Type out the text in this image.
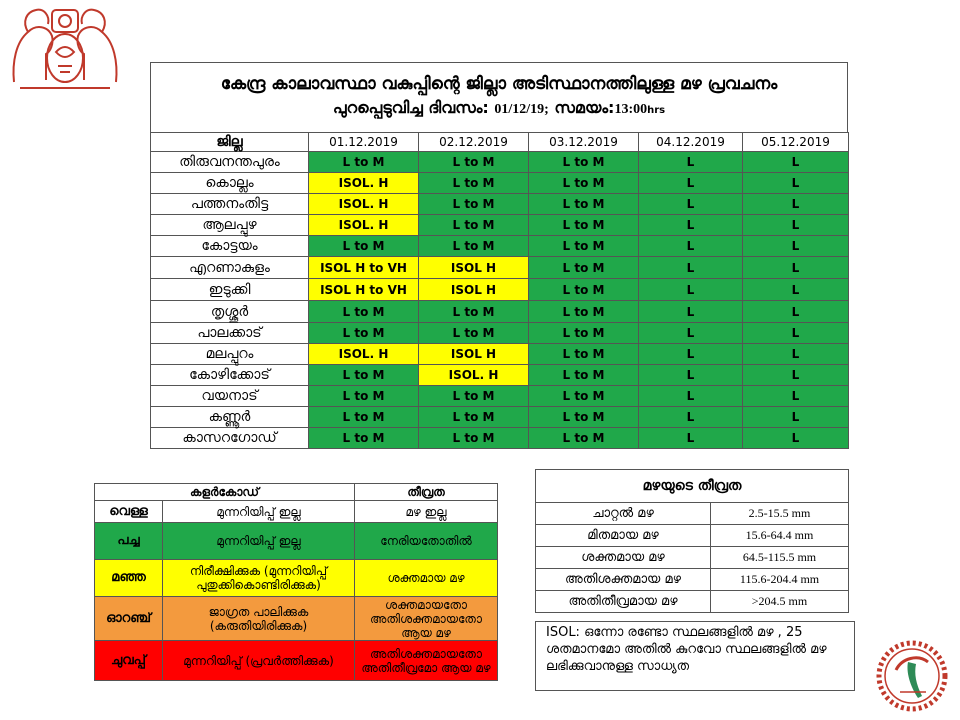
കേന്ദ്ര കാലാവസ്ഥാ വകുപ്പിന്റെ ജില്ലാ അടിസ്ഥാനത്തിലുള്ള മഴ പ്രവചനം
പുറപ്പെടുവിച്ച ദിവസം: 01/12/19; സമയം:13:00hrs
ജില്ല	01.12.2019	02.12.2019	03.12.2019	04.12.2019	05.12.2019
തിരുവനന്തപുരം	L to M	L to M	L to M	L	L
കൊല്ലം	ISOL. H	L to M	L to M	L	L
പത്തനംതിട്ട	ISOL. H	L to M	L to M	L	L
ആലപ്പുഴ	ISOL. H	L to M	L to M	L	L
കോട്ടയം	L to M	L to M	L to M	L	L
എറണാകുളം	ISOL H to VH	ISOL H	L to M	L	L
ഇടുക്കി	ISOL H to VH	ISOL H	L to M	L	L
തൃശ്ശൂർ	L to M	L to M	L to M	L	L
പാലക്കാട്	L to M	L to M	L to M	L	L
മലപ്പുറം	ISOL. H	ISOL H	L to M	L	L
കോഴിക്കോട്	L to M	ISOL. H	L to M	L	L
വയനാട്	L to M	L to M	L to M	L	L
കണ്ണൂർ	L to M	L to M	L to M	L	L
കാസറഗോഡ്	L to M	L to M	L to M	L	L
കളർകോഡ്		തീവ്രത
വെള്ള	മുന്നറിയിപ്പ് ഇല്ല	മഴ ഇല്ല
പച്ച	മുന്നറിയിപ്പ് ഇല്ല	നേരിയതോതിൽ
മഞ്ഞ	നിരീക്ഷിക്കുക (മുന്നറിയിപ്പ് പുതുക്കികൊണ്ടിരിക്കുക)	ശക്തമായ മഴ
ഓറഞ്ച്	ജാഗ്രത പാലിക്കുക (കരുതിയിരിക്കുക)	ശക്തമായതോ അതിശക്തമായതോ ആയ മഴ
ചുവപ്പ്	മുന്നറിയിപ്പ് (പ്രവർത്തിക്കുക)	അതിശക്തമായതോ അതിതീവ്രമോ ആയ മഴ
മഴയുടെ തീവ്രത	
ചാറ്റൽ മഴ	2.5-15.5 mm
മിതമായ മഴ	15.6-64.4 mm
ശക്തമായ മഴ	64.5-115.5 mm
അതിശക്തമായ മഴ	115.6-204.4 mm
അതിതീവ്രമായ മഴ	>204.5 mm
ISOL: ഒന്നോ രണ്ടോ സ്ഥലങ്ങളിൽ മഴ , 25 ശതമാനമോ അതിൽ കുറവോ സ്ഥലങ്ങളിൽ മഴ ലഭിക്കുവാനുള്ള സാധ്യത
